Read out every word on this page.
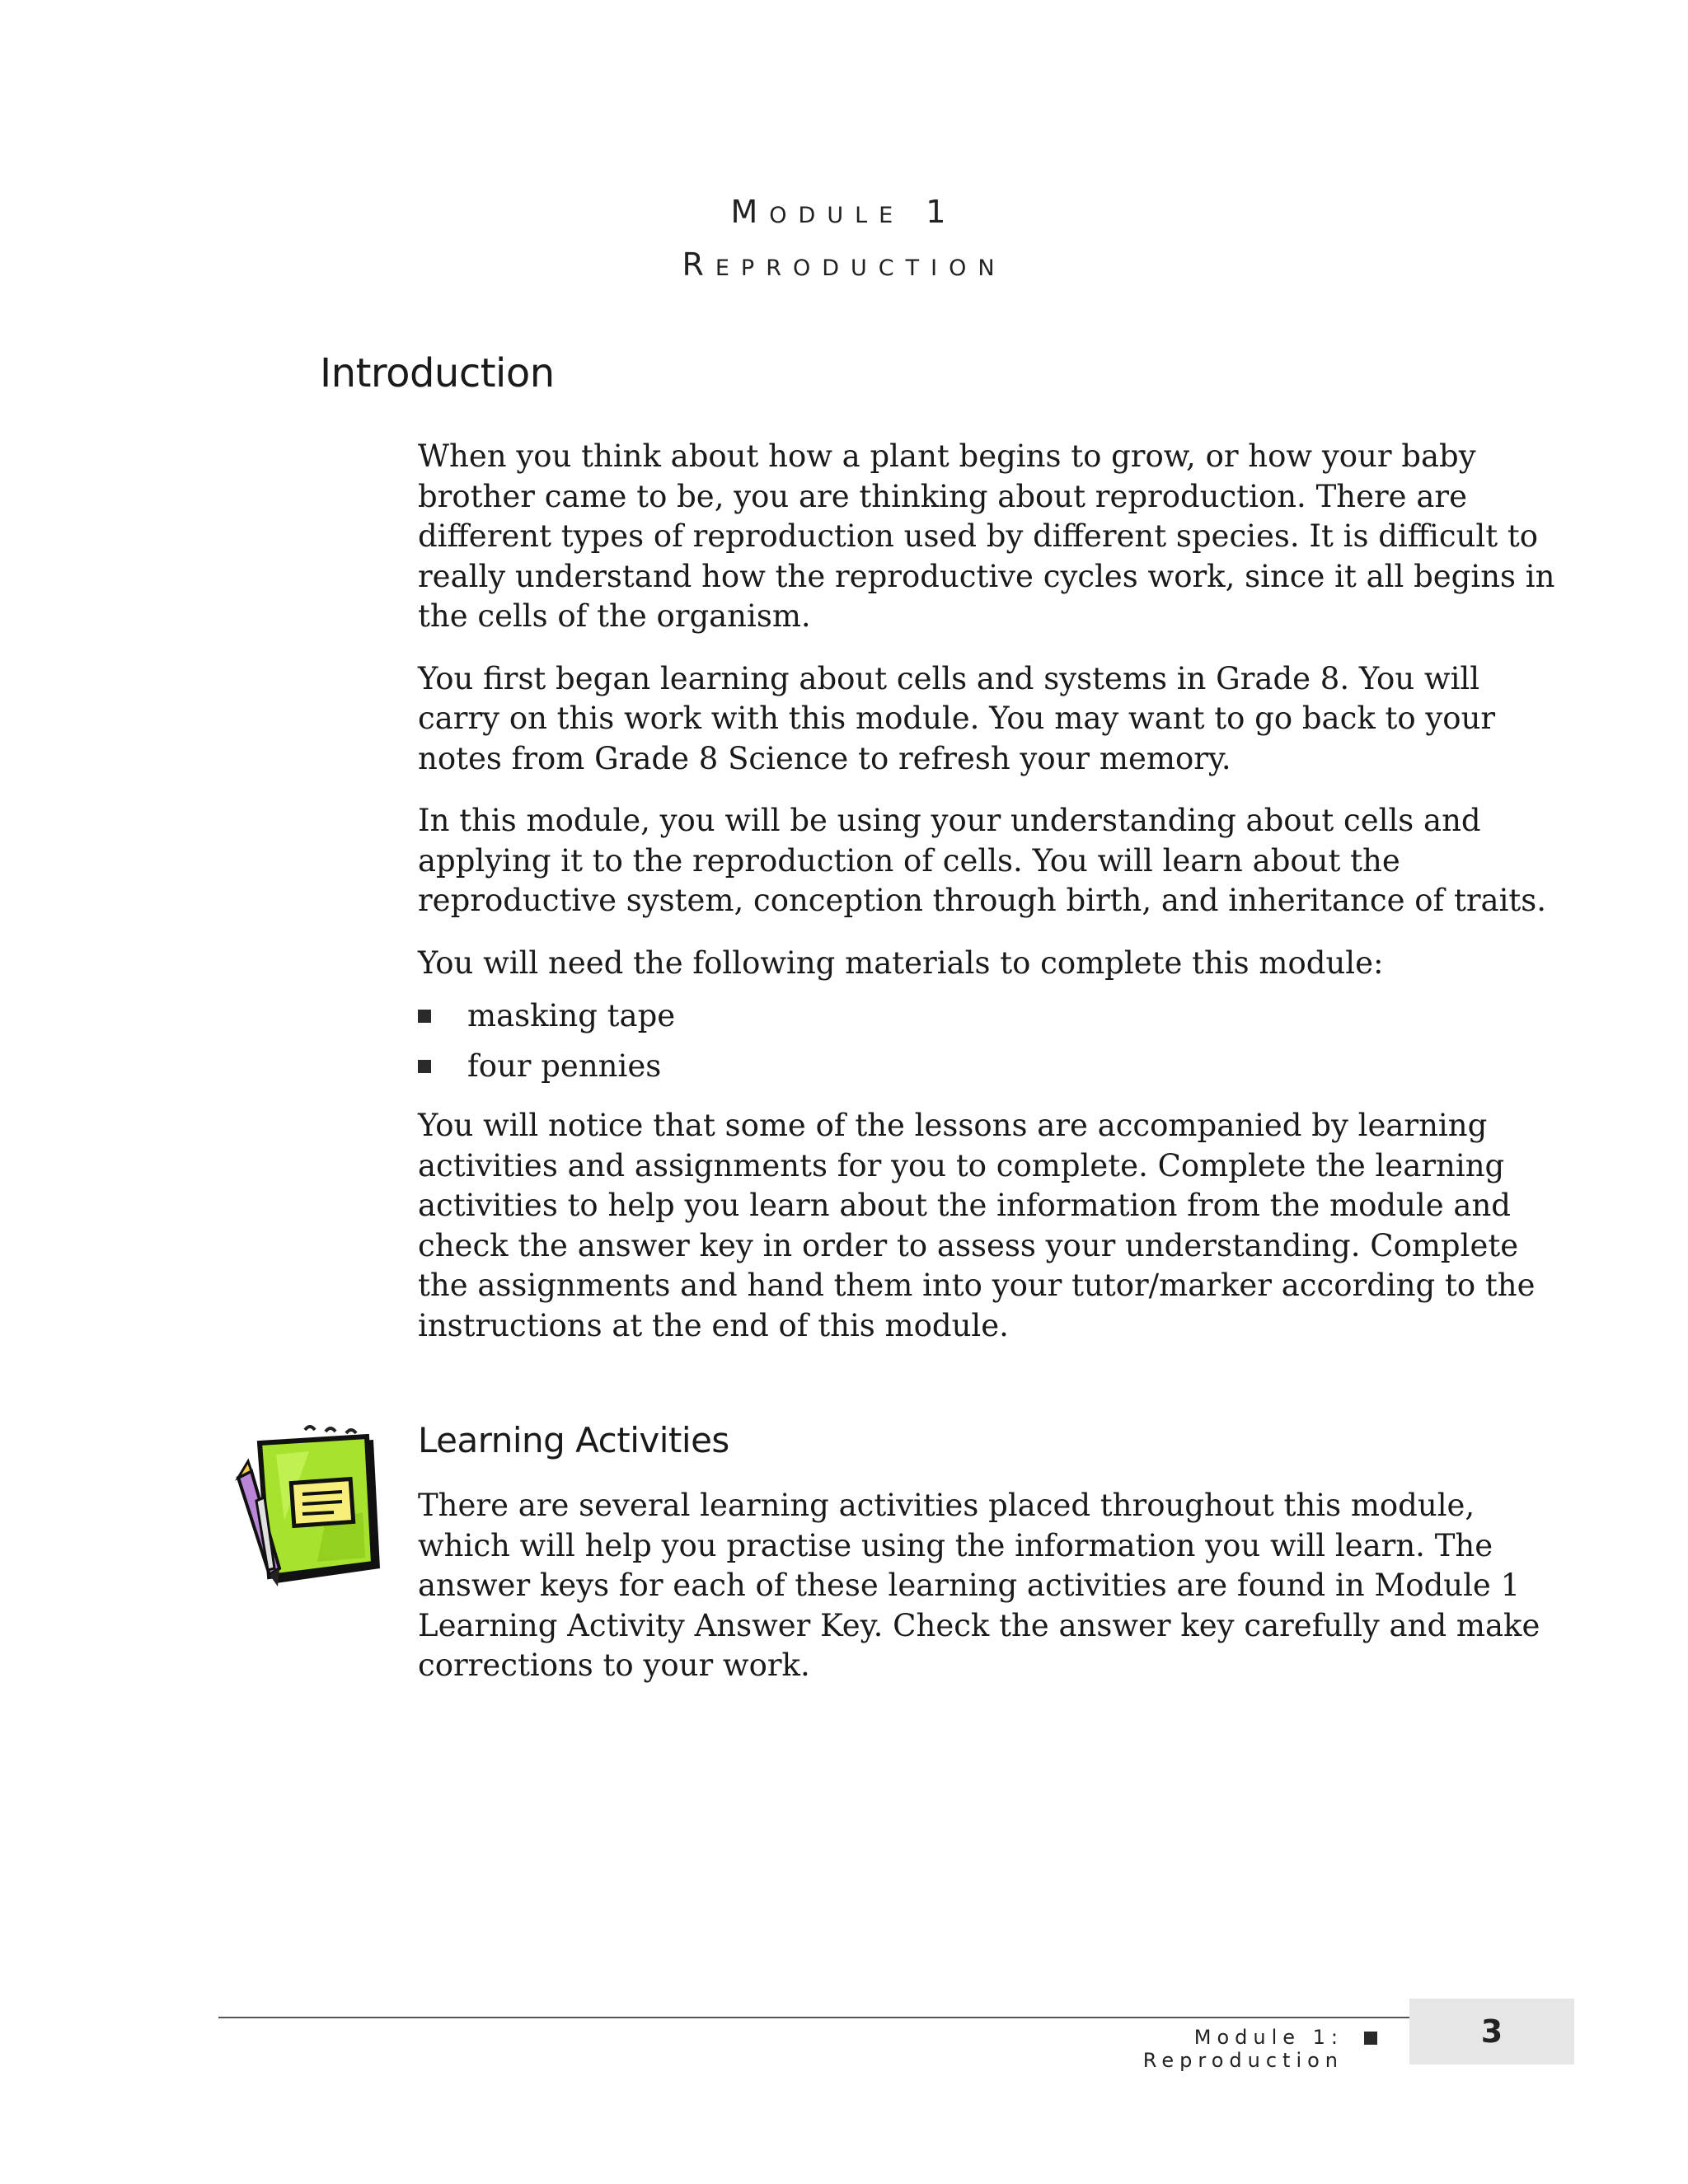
Module 1
Reproduction
Introduction

When you think about how a plant begins to grow, or how your baby brother came to be, you are thinking about reproduction. There are different types of reproduction used by different species. It is difficult to really understand how the reproductive cycles work, since it all begins in the cells of the organism.

You first began learning about cells and systems in Grade 8. You will carry on this work with this module. You may want to go back to your notes from Grade 8 Science to refresh your memory.

In this module, you will be using your understanding about cells and applying it to the reproduction of cells. You will learn about the reproductive system, conception through birth, and inheritance of traits.

You will need the following materials to complete this module:

masking tape
four pennies

You will notice that some of the lessons are accompanied by learning activities and assignments for you to complete. Complete the learning activities to help you learn about the information from the module and check the answer key in order to assess your understanding. Complete the assignments and hand them into your tutor/marker according to the instructions at the end of this module.

Learning Activities

There are several learning activities placed throughout this module, which will help you practise using the information you will learn. The answer keys for each of these learning activities are found in Module 1 Learning Activity Answer Key. Check the answer key carefully and make corrections to your work.

Module 1: Reproduction
3
